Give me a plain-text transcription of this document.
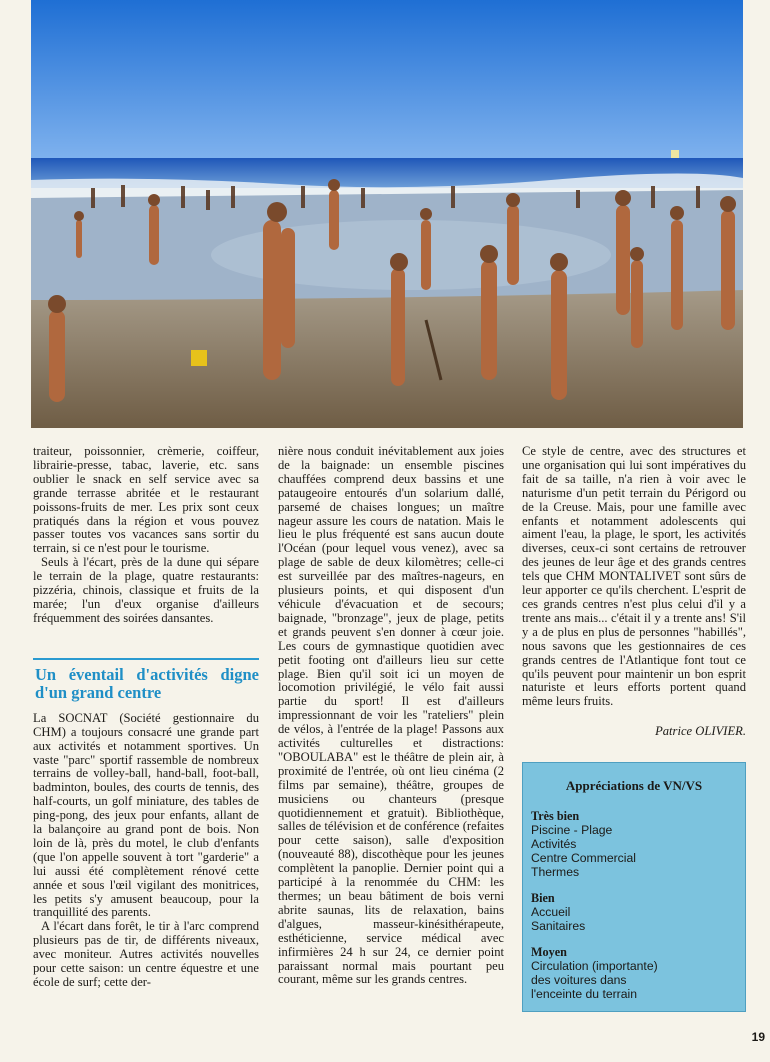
traiteur, poissonnier, crèmerie, coiffeur, librairie-presse, tabac, laverie, etc. sans oublier le snack en self service avec sa grande terrasse abritée et le restaurant poissons-fruits de mer. Les prix sont ceux pratiqués dans la région et vous pouvez passer toutes vos vacances sans sortir du terrain, si ce n'est pour le tourisme.

Seuls à l'écart, près de la dune qui sépare le terrain de la plage, quatre restaurants: pizzéria, chinois, classique et fruits de la marée; l'un d'eux organise d'ailleurs fréquemment des soirées dansantes.

Un éventail d'activités digne d'un grand centre

La SOCNAT (Société gestionnaire du CHM) a toujours consacré une grande part aux activités et notamment sportives. Un vaste "parc" sportif rassemble de nombreux terrains de volley-ball, hand-ball, foot-ball, badminton, boules, des courts de tennis, des half-courts, un golf miniature, des tables de ping-pong, des jeux pour enfants, allant de la balançoire au grand pont de bois. Non loin de là, près du motel, le club d'enfants (que l'on appelle souvent à tort "garderie" a lui aussi été complètement rénové cette année et sous l'œil vigilant des monitrices, les petits s'y amusent beaucoup, pour la tranquillité des parents.

A l'écart dans forêt, le tir à l'arc comprend plusieurs pas de tir, de différents niveaux, avec moniteur. Autres activités nouvelles pour cette saison: un centre équestre et une école de surf; cette der-

nière nous conduit inévitablement aux joies de la baignade: un ensemble piscines chauffées comprend deux bassins et une pataugeoire entourés d'un solarium dallé, parsemé de chaises longues; un maître nageur assure les cours de natation. Mais le lieu le plus fréquenté est sans aucun doute l'Océan (pour lequel vous venez), avec sa plage de sable de deux kilomètres; celle-ci est surveillée par des maîtres-nageurs, en plusieurs points, et qui disposent d'un véhicule d'évacuation et de secours; baignade, "bronzage", jeux de plage, petits et grands peuvent s'en donner à cœur joie. Les cours de gymnastique quotidien avec petit footing ont d'ailleurs lieu sur cette plage. Bien qu'il soit ici un moyen de locomotion privilégié, le vélo fait aussi partie du sport! Il est d'ailleurs impressionnant de voir les "rateliers" plein de vélos, à l'entrée de la plage! Passons aux activités culturelles et distractions: "OBOULABA" est le théâtre de plein air, à proximité de l'entrée, où ont lieu cinéma (2 films par semaine), théâtre, groupes de musiciens ou chanteurs (presque quotidiennement et gratuit). Bibliothèque, salles de télévision et de conférence (refaites pour cette saison), salle d'exposition (nouveauté 88), discothèque pour les jeunes complètent la panoplie. Dernier point qui a participé à la renommée du CHM: les thermes; un beau bâtiment de bois verni abrite saunas, lits de relaxation, bains d'algues, masseur-kinésithérapeute, esthéticienne, service médical avec infirmières 24 h sur 24, ce dernier point paraissant normal mais pourtant peu courant, même sur les grands centres.

Ce style de centre, avec des structures et une organisation qui lui sont impératives du fait de sa taille, n'a rien à voir avec le naturisme d'un petit terrain du Périgord ou de la Creuse. Mais, pour une famille avec enfants et notamment adolescents qui aiment l'eau, la plage, le sport, les activités diverses, ceux-ci sont certains de retrouver des jeunes de leur âge et des grands centres tels que CHM MONTALIVET sont sûrs de leur apporter ce qu'ils cherchent. L'esprit de ces grands centres n'est plus celui d'il y a trente ans mais... c'était il y a trente ans! S'il y a de plus en plus de personnes "habillés", nous savons que les gestionnaires de ces grands centres de l'Atlantique font tout ce qu'ils peuvent pour maintenir un bon esprit naturiste et leurs efforts portent quand même leurs fruits.

Patrice OLIVIER.
Appréciations de VN/VS
Très bien
Piscine - Plage
Activités
Centre Commercial
Thermes
Bien
Accueil
Sanitaires
Moyen
Circulation (importante)
des voitures dans
l'enceinte du terrain
19
